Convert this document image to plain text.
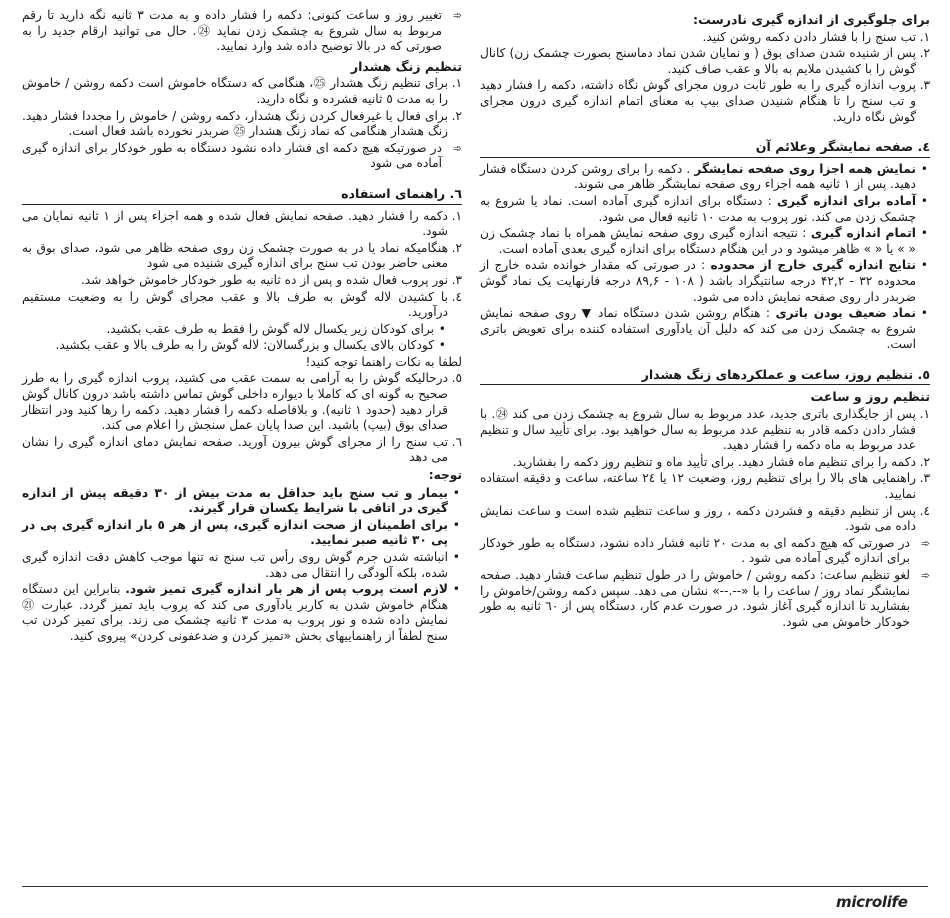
برای جلوگیری از اندازه گیری نادرست:
۱.
تب سنج را با فشار دادن دکمه روشن کنید.
۲.
پس از شنیده شدن صدای بوق ( و نمایان شدن نماد دماسنج بصورت چشمک زن) کانال گوش را با کشیدن ملایم به بالا و عقب صاف کنید.
۳.
پروب اندازه گیری را به طور ثابت درون مجرای گوش نگاه داشته، دکمه را فشار دهید و تب سنج را تا هنگام شنیدن صدای بیپ به معنای اتمام اندازه گیری درون مجرای گوش نگاه دارید.
٤. صفحه نمایشگر وعلائم آن
• نمایش همه اجزا روی صفحه نمایشگر . دکمه را برای روشن کردن دستگاه فشار دهید. پس از ۱ ثانیه همه اجزاء روی صفحه نمایشگر ظاهر می شوند.
• آماده برای اندازه گیری : دستگاه برای اندازه گیری آماده است. نماد یا شروع به چشمک زدن می کند. نور پروب به مدت ۱۰ ثانیه فعال می شود.
• اتمام اندازه گیری : نتیجه اندازه گیری روی صفحه نمایش همراه با نماد چشمک زن « » یا « » ظاهر میشود و در این هنگام دستگاه برای اندازه گیری بعدی آماده است.
• نتایج اندازه گیری خارج از محدوده : در صورتی که مقدار خوانده شده خارج از محدوده ۳۲ - ۴۲,۲ درجه سانتیگراد باشد ( ۱۰۸ - ۸۹,۶ درجه فارنهایت یک نماد گوش ضربدر دار روی صفحه نمایش داده می شود.
• نماد ضعیف بودن باتری : هنگام روشن شدن دستگاه نماد ▼ روی صفحه نمایش شروع به چشمک زدن می کند که دلیل آن یادآوری استفاده کننده برای تعویض باتری است.
٥. تنظیم روز، ساعت و عملکردهای زنگ هشدار
تنظیم روز و ساعت
۱.
پس از جایگذاری باتری جدید، عدد مربوط به سال شروع به چشمک زدن می کند ㉔. با فشار دادن دکمه قادر به تنظیم عدد مربوط به سال خواهید بود. برای تأیید سال و تنظیم عدد مربوط به ماه دکمه را فشار دهید.
۲.
دکمه را برای تنظیم ماه فشار دهید. برای تأیید ماه و تنظیم روز دکمه را بفشارید.
۳.
راهنمایی های بالا را برای تنظیم روز، وضعیت ۱۲ یا ۲٤ ساعته، ساعت و دقیقه استفاده نمایید.
٤.
پس از تنظیم دقیقه و فشردن دکمه ، روز و ساعت تنظیم شده است و ساعت نمایش داده می شود.
➾
در صورتی که هیچ دکمه ای به مدت ۲۰ ثانیه فشار داده نشود، دستگاه به طور خودکار برای اندازه گیری آماده می شود .
➾
لغو تنظیم ساعت: دکمه روشن / خاموش را در طول تنظیم ساعت فشار دهید. صفحه نمایشگر نماد روز / ساعت را با «--.--» نشان می دهد. سپس دکمه روشن/خاموش را بفشارید تا اندازه گیری آغاز شود. در صورت عدم کار، دستگاه پس از ٦۰ ثانیه به طور خودکار خاموش می شود.
➾
تغییر روز و ساعت کنونی: دکمه را فشار داده و به مدت ۳ ثانیه نگه دارید تا رقم مربوط به سال شروع به چشمک زدن نماید ㉔. حال می توانید ارقام جدید را به صورتی که در بالا توضیح داده شد وارد نمایید.
تنظیم زنگ هشدار
۱.
برای تنظیم زنگ هشدار ㉕، هنگامی که دستگاه خاموش است دکمه روشن / خاموش را به مدت ٥ ثانیه فشرده و نگاه دارید.
۲.
برای فعال یا غیرفعال کردن زنگ هشدار، دکمه روشن / خاموش را مجددا فشار دهید. زنگ هشدار هنگامی که نماد زنگ هشدار ㉕ ضربدر نخورده باشد فعال است.
➾
در صورتیکه هیچ دکمه ای فشار داده نشود دستگاه به طور خودکار برای اندازه گیری آماده می شود
٦. راهنمای استفاده
۱.
دکمه را فشار دهید. صفحه نمایش فعال شده و همه اجزاء پس از ۱ ثانیه نمایان می شود.
۲.
هنگامیکه نماد یا در به صورت چشمک زن روی صفحه ظاهر می شود، صدای بوق به معنی حاضر بودن تب سنج برای اندازه گیری شنیده می شود
۳.
نور پروب فعال شده و پس از ده ثانیه به طور خودکار خاموش خواهد شد.
٤.
با کشیدن لاله گوش به طرف بالا و عقب مجرای گوش را به وضعیت مستقیم درآورید.
• برای کودکان زیر یکسال لاله گوش را فقط به طرف عقب بکشید.
• کودکان بالای یکسال و بزرگسالان: لاله گوش را به طرف بالا و عقب بکشید.
لطفا به نکات راهنما توجه کنید!
٥.
درحالیکه گوش را به آرامی به سمت عقب می کشید، پروب اندازه گیری را به طرز صحیح به گونه ای که کاملا با دیواره داخلی گوش تماس داشته باشد درون کانال گوش قرار دهید (حدود ۱ ثانیه). و بلافاصله دکمه را فشار دهید. دکمه را رها کنید ودر انتظار صدای بوق (بیپ) باشید. این صدا پایان عمل سنجش را اعلام می کند.
٦.
تب سنج را از مجرای گوش بیرون آورید. صفحه نمایش دمای اندازه گیری را نشان می دهد
توجه:
• بیمار و تب سنج باید حداقل به مدت بیش از ۳۰ دقیقه پیش از اندازه گیری در اتاقی با شرایط یکسان قرار گیرند.
• برای اطمینان از صحت اندازه گیری، پس از هر ٥ بار اندازه گیری پی در پی ۳۰ ثانیه صبر نمایید.
• انباشته شدن جرم گوش روی رأس تب سنج نه تنها موجب کاهش دقت اندازه گیری شده، بلکه آلودگی را انتقال می دهد.
• لازم است پروب پس از هر بار اندازه گیری تمیز شود. بنابراین این دستگاه هنگام خاموش شدن به کاربر یادآوری می کند که پروب باید تمیز گردد. عبارت ㉑ نمایش داده شده و نور پروب به مدت ۳ ثانیه چشمک می زند. برای تمیز کردن تب سنج لطفاً از راهنماییهای بخش «تمیز کردن و ضدعفونی کردن» پیروی کنید.
microlife
